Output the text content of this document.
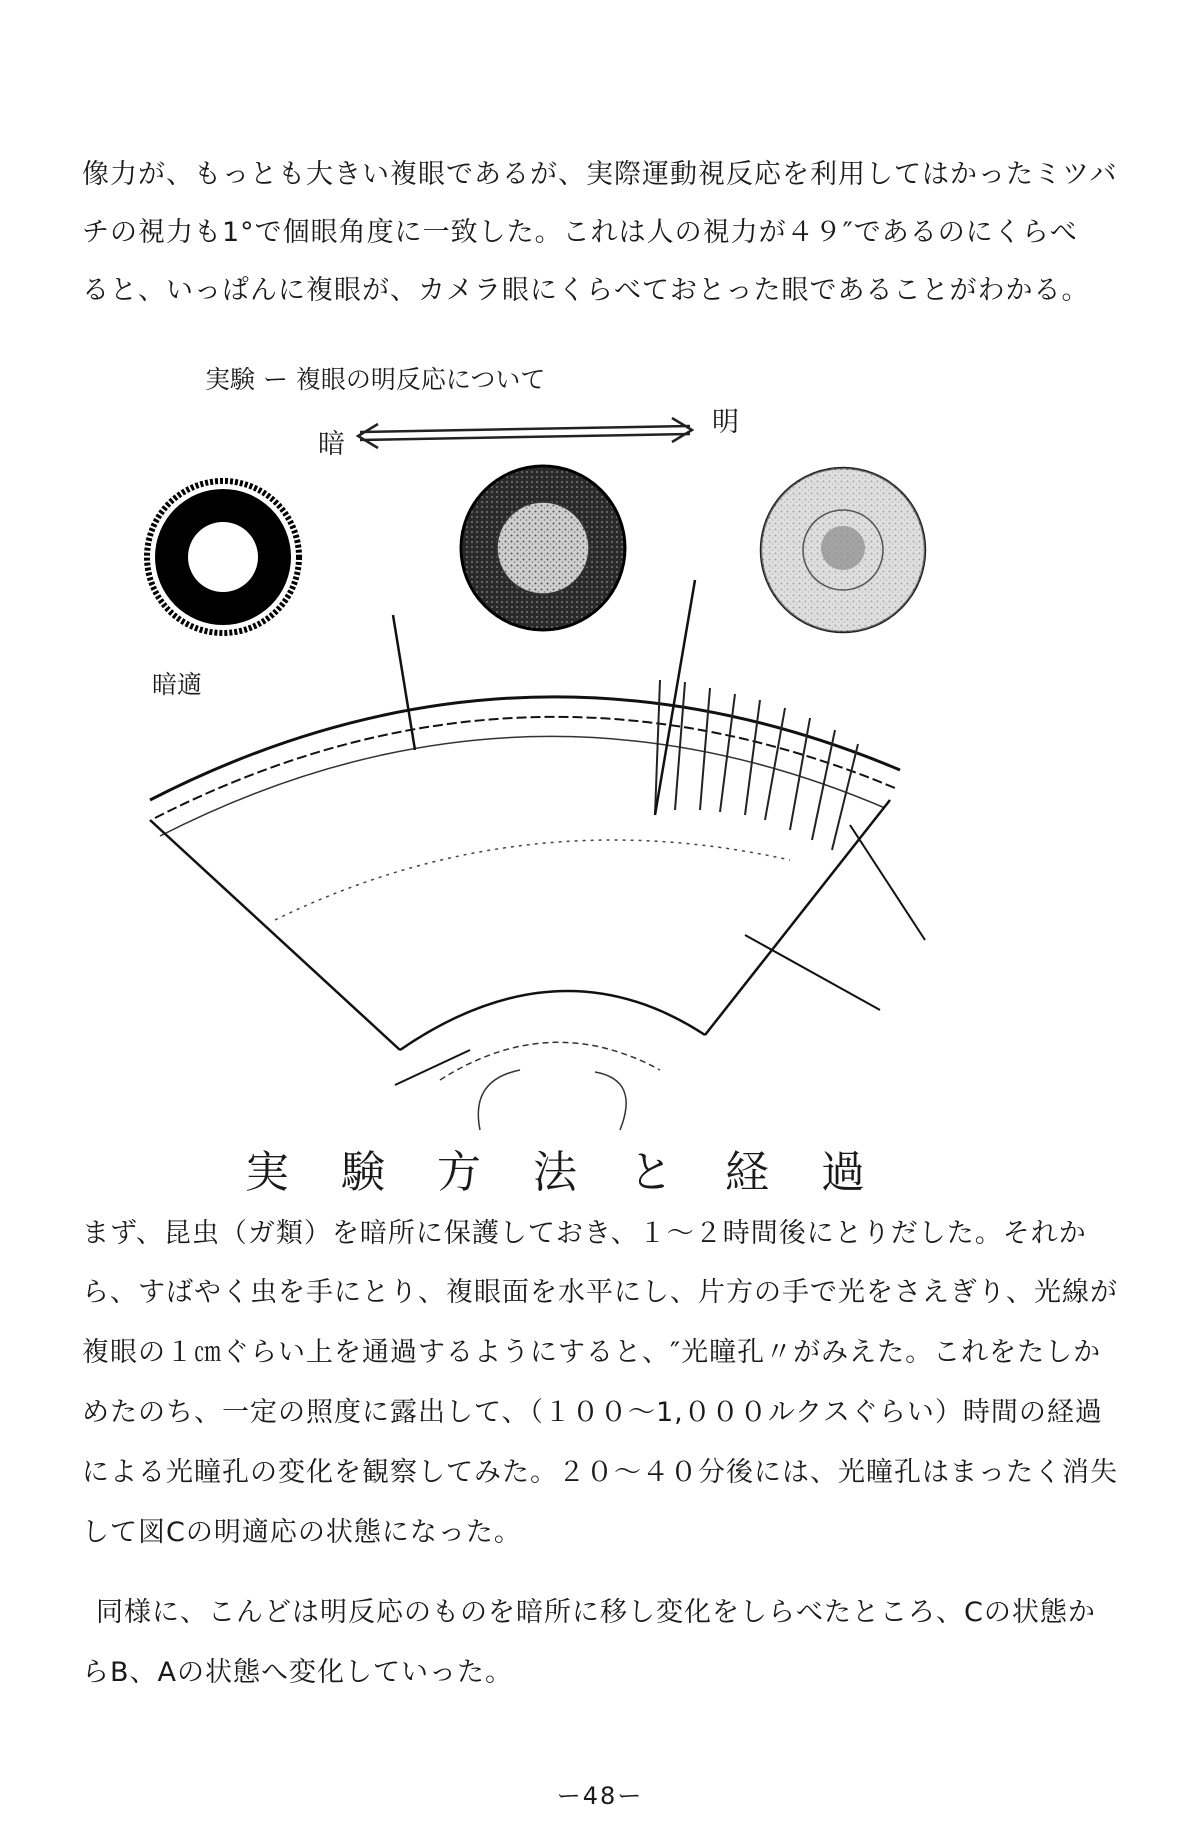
像力が、もっとも大きい複眼であるが、実際運動視反応を利用してはかったミツバ
チの視力も1°で個眼角度に一致した。これは人の視力が４９″であるのにくらべ
ると、いっぱんに複眼が、カメラ眼にくらべておとった眼であることがわかる。
実験 ー 複眼の明反応について
暗
明
暗適
実験方法と経過
まず、昆虫（ガ類）を暗所に保護しておき、１〜２時間後にとりだした。それか
ら、すばやく虫を手にとり、複眼面を水平にし、片方の手で光をさえぎり、光線が
複眼の１㎝ぐらい上を通過するようにすると、″光瞳孔〃がみえた。これをたしか
めたのち、一定の照度に露出して、（１００〜1,０００ルクスぐらい）時間の経過
による光瞳孔の変化を観察してみた。２０〜４０分後には、光瞳孔はまったく消失
して図Cの明適応の状態になった。
同様に、こんどは明反応のものを暗所に移し変化をしらべたところ、Cの状態か
らB、Aの状態へ変化していった。
ー48ー
